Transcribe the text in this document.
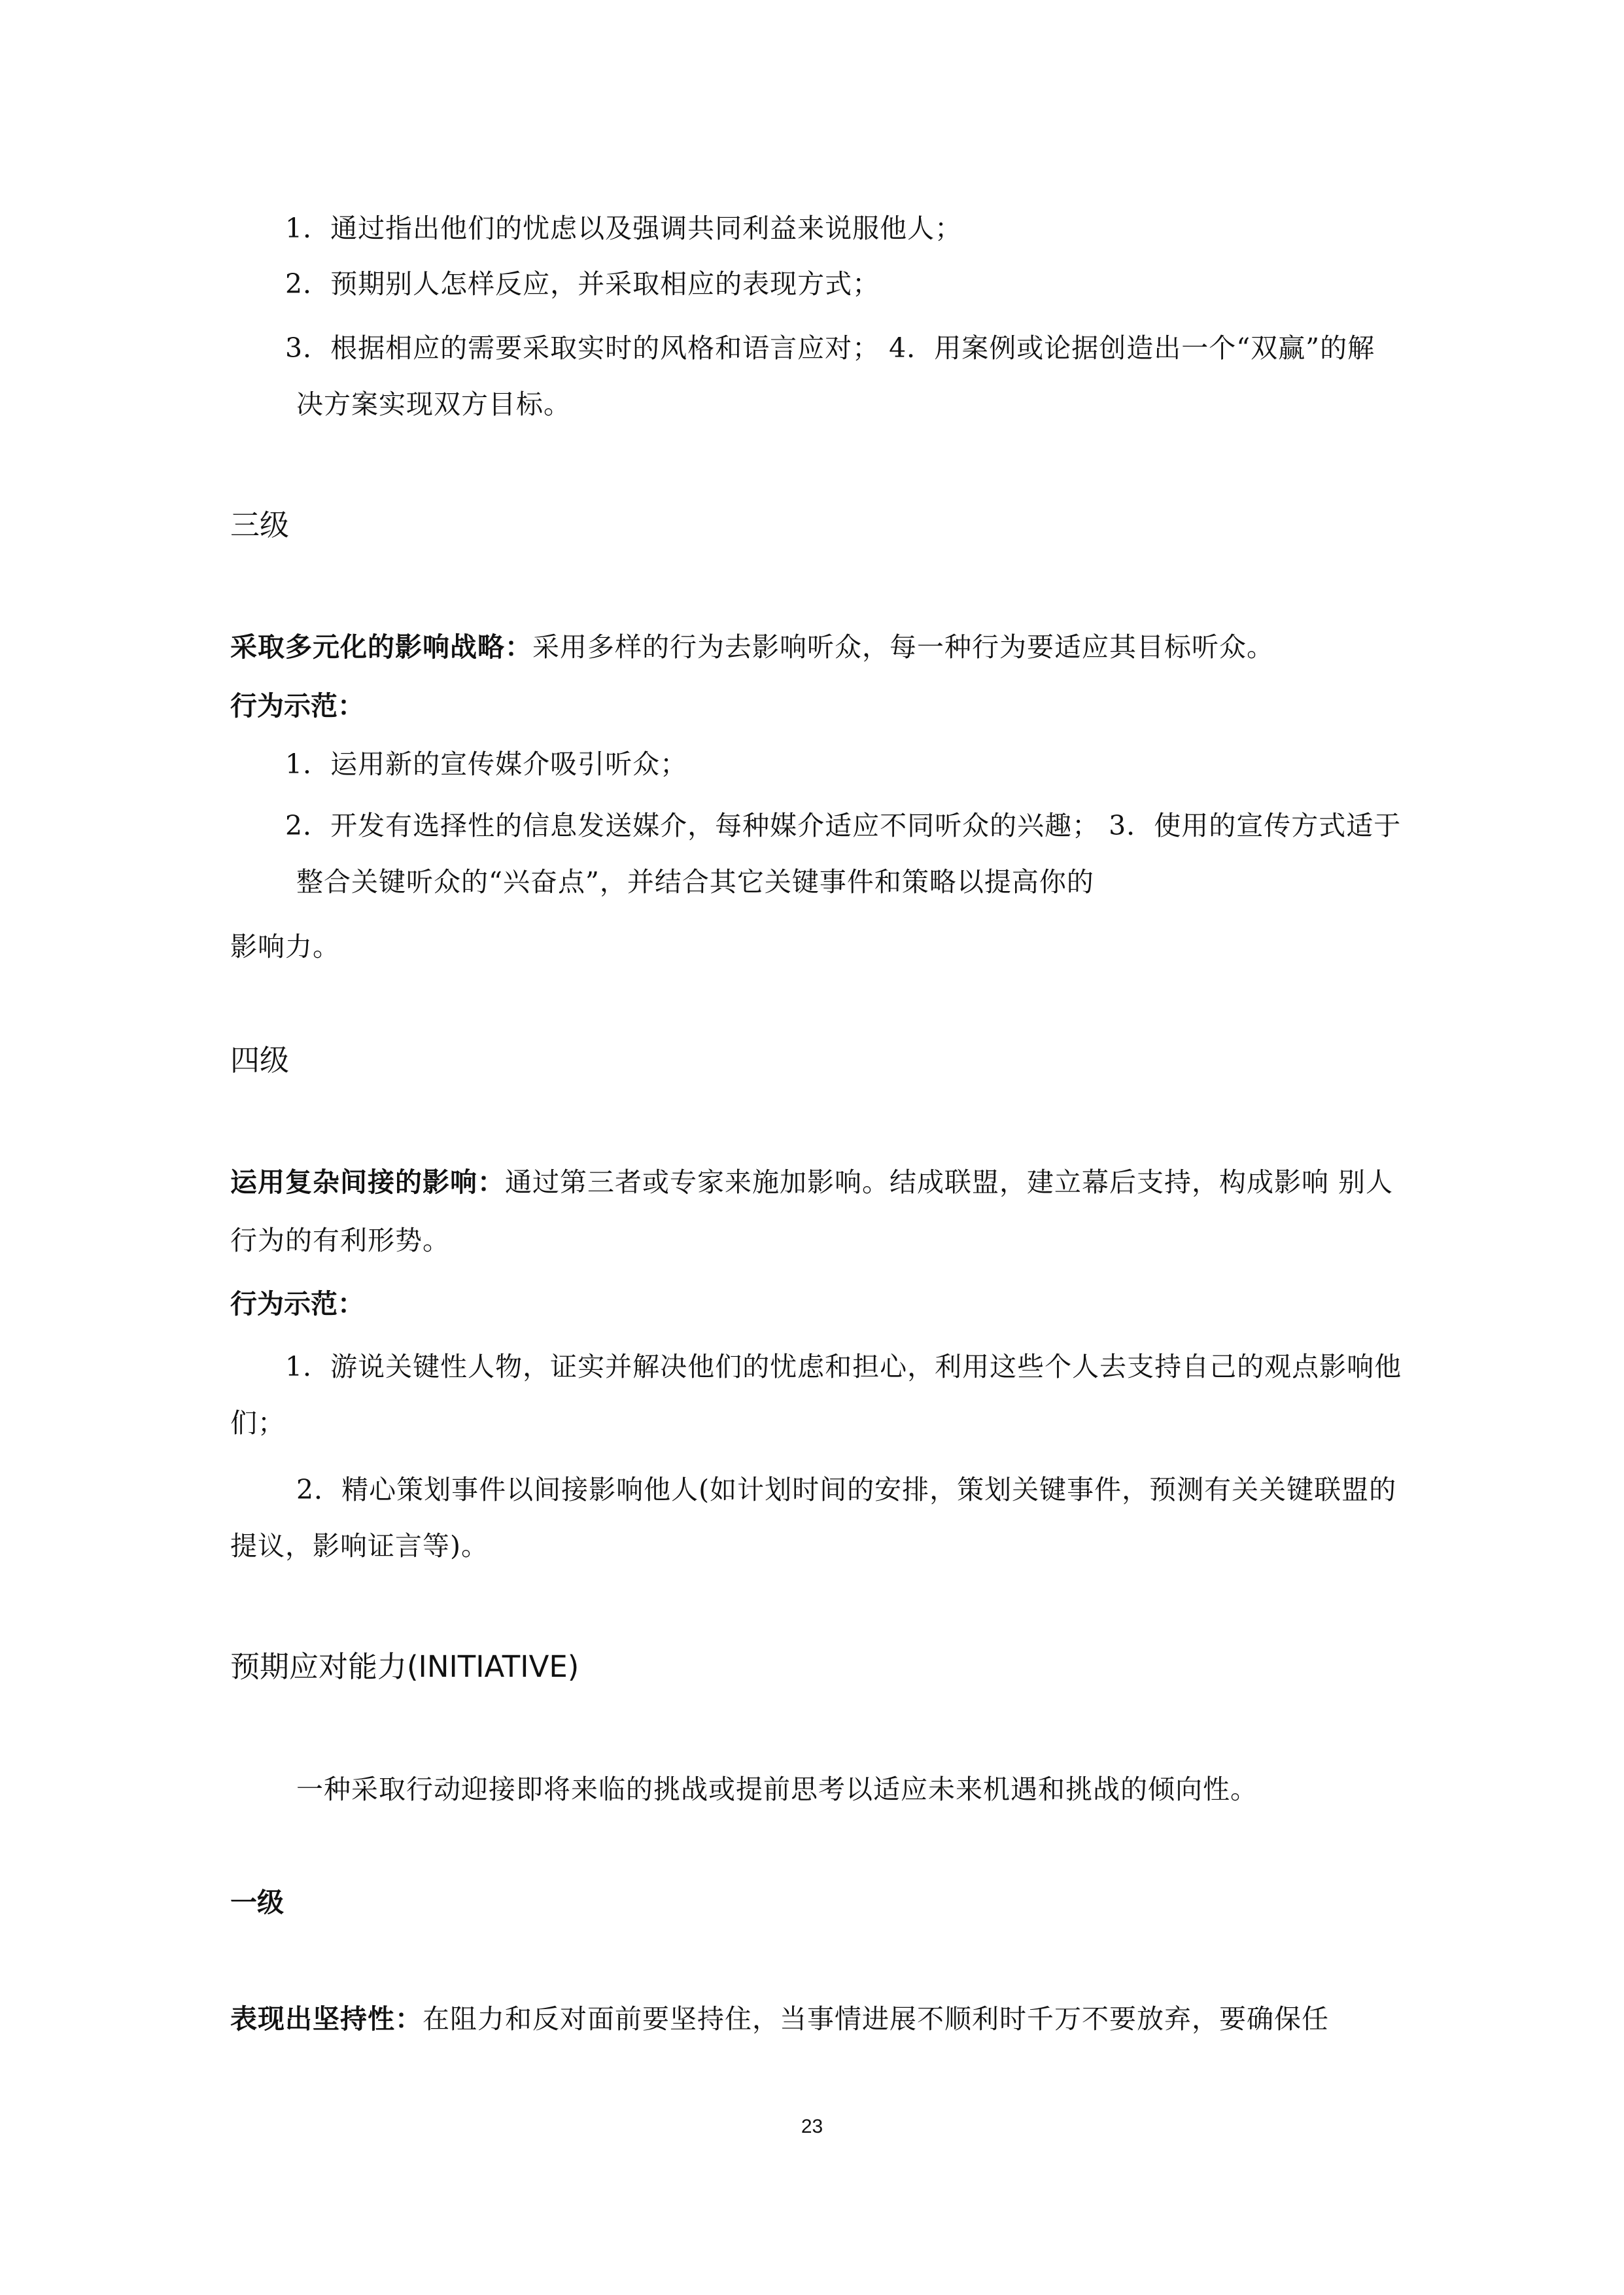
1．通过指出他们的忧虑以及强调共同利益来说服他人；
2．预期别人怎样反应，并采取相应的表现方式；
3．根据相应的需要采取实时的风格和语言应对； 4．用案例或论据创造出一个“双赢”的解
决方案实现双方目标。
三级
采取多元化的影响战略：采用多样的行为去影响听众，每一种行为要适应其目标听众。
行为示范：
1．运用新的宣传媒介吸引听众；
2．开发有选择性的信息发送媒介，每种媒介适应不同听众的兴趣； 3．使用的宣传方式适于
整合关键听众的“兴奋点”，并结合其它关键事件和策略以提高你的
影响力。
四级
运用复杂间接的影响：通过第三者或专家来施加影响。结成联盟，建立幕后支持，构成影响 别人
行为的有利形势。
行为示范：
1．游说关键性人物，证实并解决他们的忧虑和担心，利用这些个人去支持自己的观点影响他
们；
2．精心策划事件以间接影响他人(如计划时间的安排，策划关键事件，预测有关关键联盟的
提议，影响证言等)。
预期应对能力(INITIATIVE)
一种采取行动迎接即将来临的挑战或提前思考以适应未来机遇和挑战的倾向性。
一级
表现出坚持性：在阻力和反对面前要坚持住，当事情进展不顺利时千万不要放弃，要确保任
23
